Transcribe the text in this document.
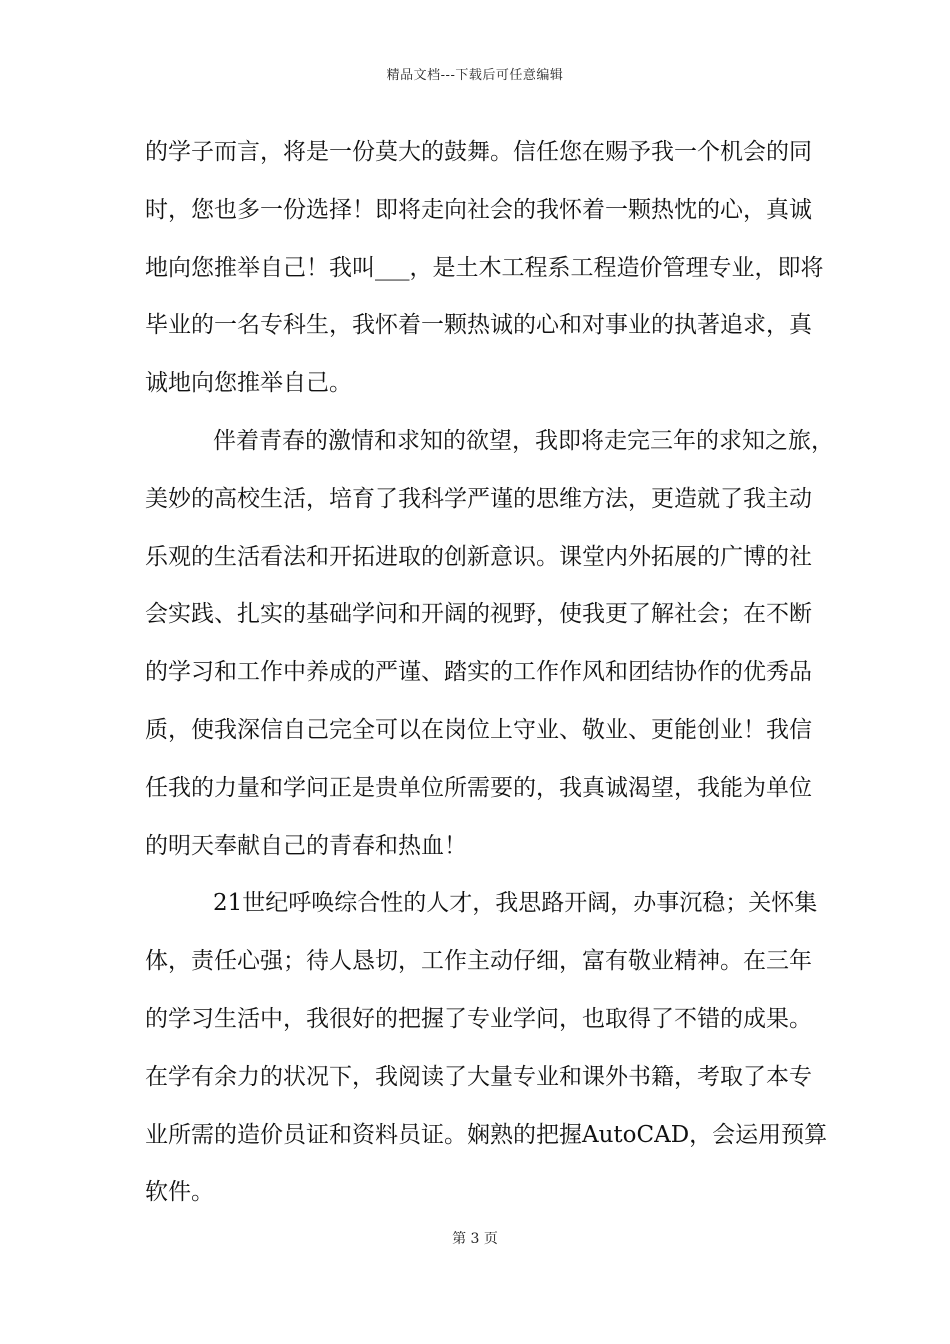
精品文档---下载后可任意编辑
的学子而言，将是一份莫大的鼓舞。信任您在赐予我一个机会的同
时，您也多一份选择！即将走向社会的我怀着一颗热忱的心，真诚
地向您推举自己！我叫___，是土木工程系工程造价管理专业，即将
毕业的一名专科生，我怀着一颗热诚的心和对事业的执著追求，真
诚地向您推举自己。
伴着青春的激情和求知的欲望，我即将走完三年的求知之旅，
美妙的高校生活，培育了我科学严谨的思维方法，更造就了我主动
乐观的生活看法和开拓进取的创新意识。课堂内外拓展的广博的社
会实践、扎实的基础学问和开阔的视野，使我更了解社会；在不断
的学习和工作中养成的严谨、踏实的工作作风和团结协作的优秀品
质，使我深信自己完全可以在岗位上守业、敬业、更能创业！我信
任我的力量和学问正是贵单位所需要的，我真诚渴望，我能为单位
的明天奉献自己的青春和热血！
21世纪呼唤综合性的人才，我思路开阔，办事沉稳；关怀集
体，责任心强；待人恳切，工作主动仔细，富有敬业精神。在三年
的学习生活中，我很好的把握了专业学问，也取得了不错的成果。
在学有余力的状况下，我阅读了大量专业和课外书籍，考取了本专
业所需的造价员证和资料员证。娴熟的把握AutoCAD，会运用预算
软件。
第 3 页
